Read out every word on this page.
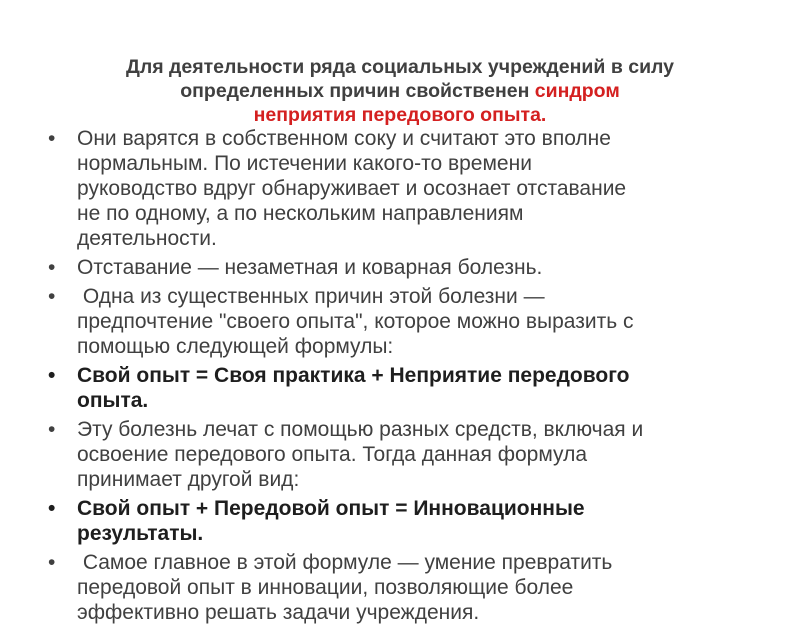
Для деятельности ряда социальных учреждений в силу
определенных причин свойственен синдром
неприятия передового опыта.
• Они варятся в собственном соку и считают это вполне
нормальным. По истечении какого-то времени
руководство вдруг обнаруживает и осознает отставание
не по одному, а по нескольким направлениям
деятельности.
• Отставание — незаметная и коварная болезнь.
• Одна из существенных причин этой болезни —
предпочтение "своего опыта", которое можно выразить с
помощью следующей формулы:
• Свой опыт = Своя практика + Неприятие передового
опыта.
• Эту болезнь лечат с помощью разных средств, включая и
освоение передового опыта. Тогда данная формула
принимает другой вид:
• Свой опыт + Передовой опыт = Инновационные
результаты.
• Самое главное в этой формуле — умение превратить
передовой опыт в инновации, позволяющие более
эффективно решать задачи учреждения.
